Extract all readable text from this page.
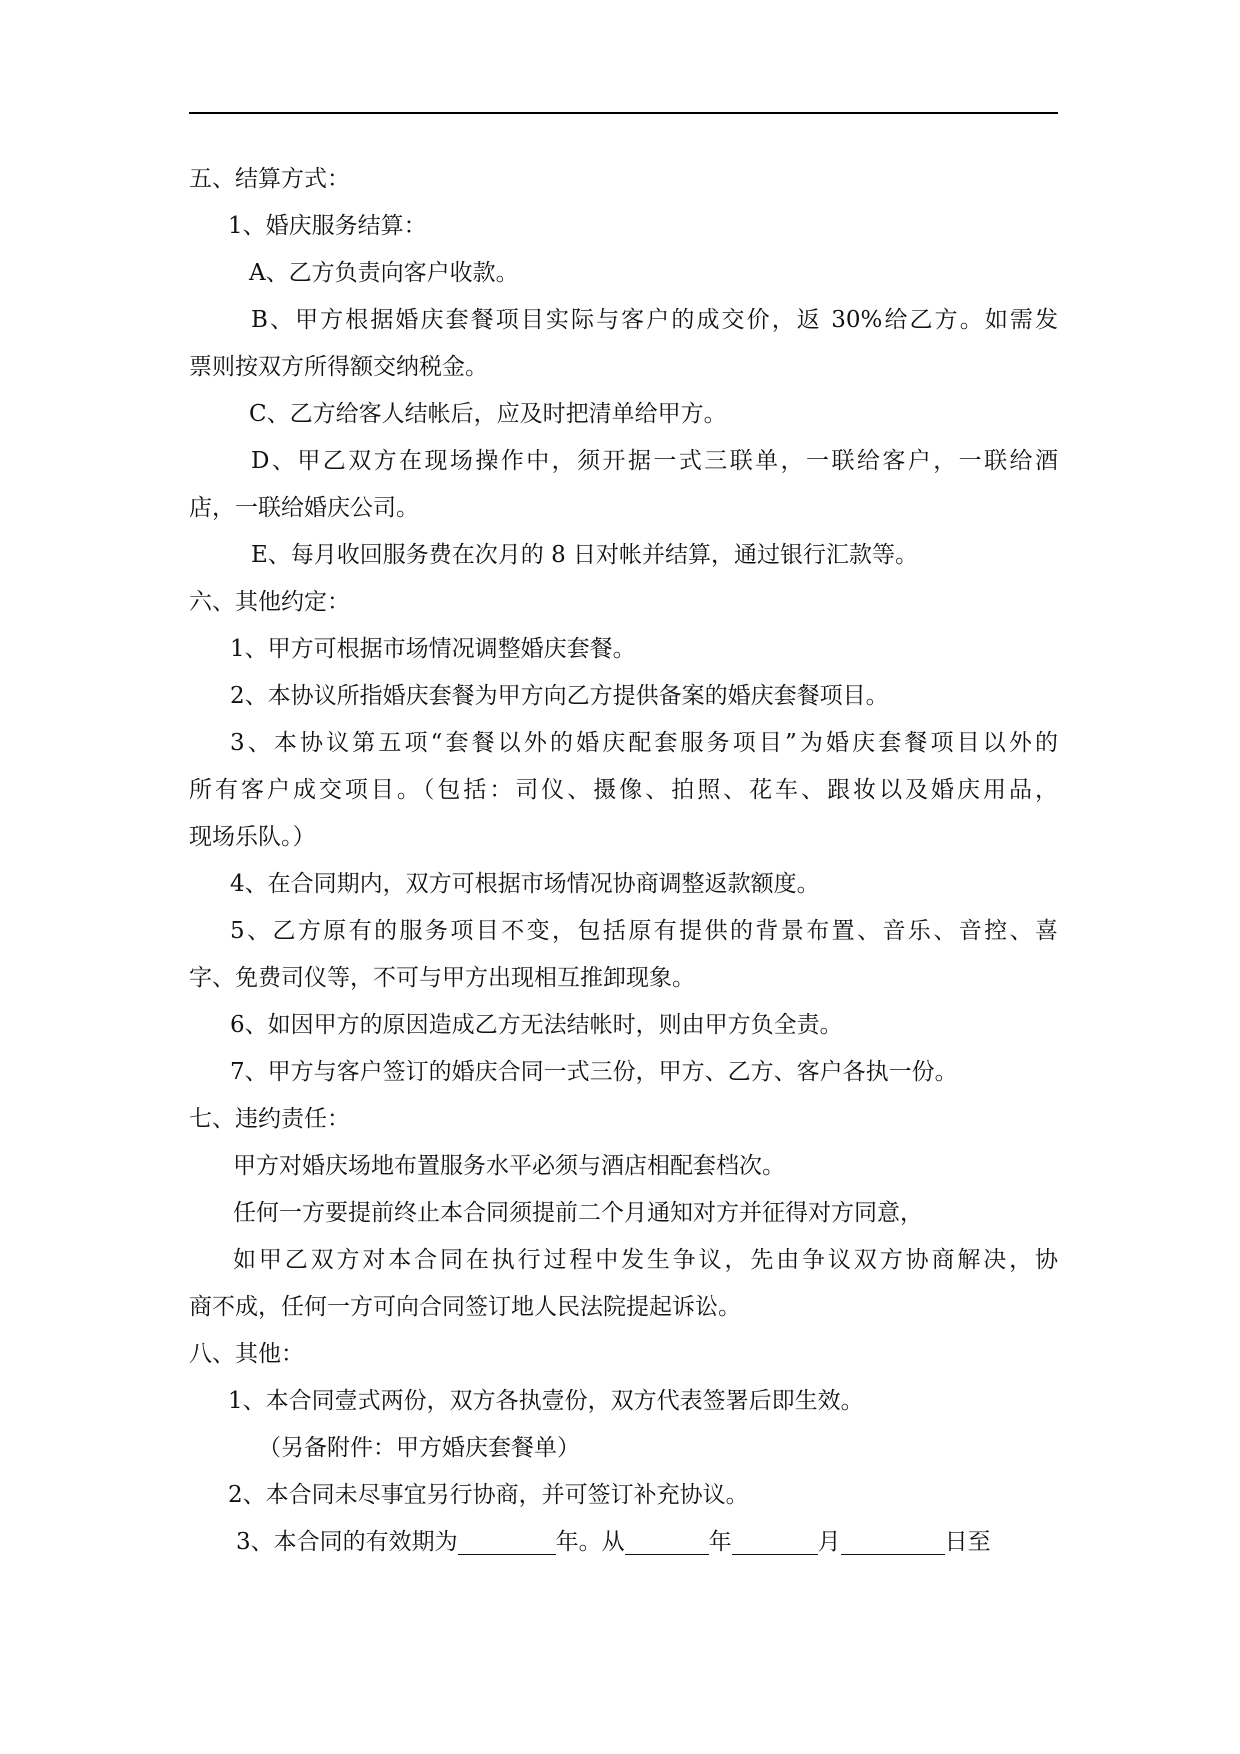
五、结算方式：
1、婚庆服务结算：
A、乙方负责向客户收款。
B、甲方根据婚庆套餐项目实际与客户的成交价，返 30%给乙方。如需发
票则按双方所得额交纳税金。
C、乙方给客人结帐后，应及时把清单给甲方。
D、甲乙双方在现场操作中，须开据一式三联单，一联给客户，一联给酒
店，一联给婚庆公司。
E、每月收回服务费在次月的 8 日对帐并结算，通过银行汇款等。
六、其他约定：
1、甲方可根据市场情况调整婚庆套餐。
2、本协议所指婚庆套餐为甲方向乙方提供备案的婚庆套餐项目。
3、本协议第五项“套餐以外的婚庆配套服务项目”为婚庆套餐项目以外的
所有客户成交项目。（包括：司仪、摄像、拍照、花车、跟妆以及婚庆用品，
现场乐队。）
4、在合同期内，双方可根据市场情况协商调整返款额度。
5、乙方原有的服务项目不变，包括原有提供的背景布置、音乐、音控、喜
字、免费司仪等，不可与甲方出现相互推卸现象。
6、如因甲方的原因造成乙方无法结帐时，则由甲方负全责。
7、甲方与客户签订的婚庆合同一式三份，甲方、乙方、客户各执一份。
七、违约责任：
甲方对婚庆场地布置服务水平必须与酒店相配套档次。
任何一方要提前终止本合同须提前二个月通知对方并征得对方同意，
如甲乙双方对本合同在执行过程中发生争议，先由争议双方协商解决，协
商不成，任何一方可向合同签订地人民法院提起诉讼。
八、其他：
1、本合同壹式两份，双方各执壹份，双方代表签署后即生效。
（另备附件：甲方婚庆套餐单）
2、本合同未尽事宜另行协商，并可签订补充协议。
3、本合同的有效期为	年。从	年	月	日至
